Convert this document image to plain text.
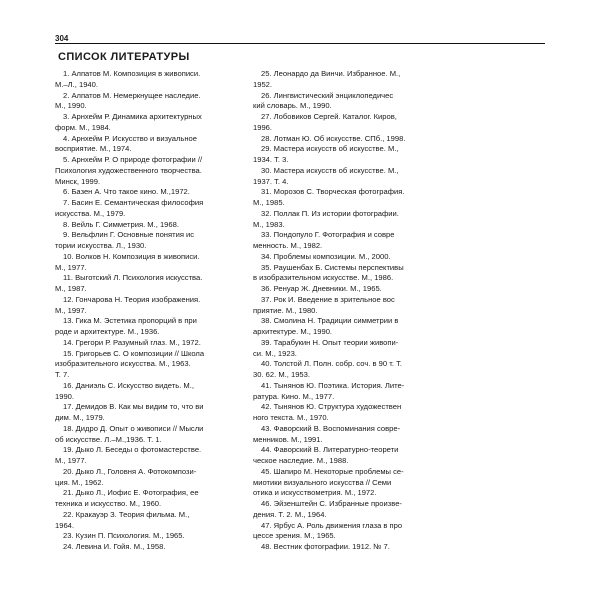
304
СПИСОК ЛИТЕРАТУРЫ
1. Алпатов М. Композиция в живописи.
М.–Л., 1940.
2. Алпатов М. Немеркнущее наследие.
М., 1990.
3. Арнхейм Р. Динамика архитектурных
форм. М., 1984.
4. Арнхейм Р. Искусство и визуальное
восприятие. М., 1974.
5. Арнхейм Р. О природе фотографии //
Психология художественного творчества.
Минск, 1999.
6. Базен А. Что такое кино. М.,1972.
7. Басин Е. Семантическая философия
искусства. М., 1979.
8. Вейль Г. Симметрия. М., 1968.
9. Вельфлин Г. Основные понятия ис
тории искусства. Л., 1930.
10. Волков Н. Композиция в живописи.
М., 1977.
11. Выготский Л. Психология искусства.
М., 1987.
12. Гончарова Н. Теория изображения.
М., 1997.
13. Гика М. Эстетика пропорций в при
роде и архитектуре. М., 1936.
14. Грегори Р. Разумный глаз. М., 1972.
15. Григорьев С. О композиции // Школа
изобразительного искусства. М., 1963.
Т. 7.
16. Даниэль С. Искусство видеть. М.,
1990.
17. Демидов В. Как мы видим то, что ви
дим. М., 1979.
18. Дидро Д. Опыт о живописи // Мысли
об искусстве. Л.–М.,1936. Т. 1.
19. Дыко Л. Беседы о фотомастерстве.
М., 1977.
20. Дыко Л., Головня А. Фотокомпози-
ция. М., 1962.
21. Дыко Л., Иофис Е. Фотография, ее
техника и искусство. М., 1960.
22. Кракауэр З. Теория фильма. М.,
1964.
23. Кузин П. Психология. М., 1965.
24. Левина И. Гойя. М., 1958.
25. Леонардо да Винчи. Избранное. М.,
1952.
26. Лингвистический энциклопедичес
кий словарь. М., 1990.
27. Лобовиков Сергей. Каталог. Киров,
1996.
28. Лотман Ю. Об искусстве. СПб., 1998.
29. Мастера искусств об искусстве. М.,
1934. Т. 3.
30. Мастера искусств об искусстве. М.,
1937. Т. 4.
31. Морозов С. Творческая фотография.
М., 1985.
32. Поллак П. Из истории фотографии.
М., 1983.
33. Пондопуло Г. Фотография и совре
менность. М., 1982.
34. Проблемы композиции. М., 2000.
35. Раушенбах Б. Системы перспективы
в изобразительном искусстве. М., 1986.
36. Ренуар Ж. Дневники. М., 1965.
37. Рок И. Введение в зрительное вос
приятие. М., 1980.
38. Смолина Н. Традиции симметрии в
архитектуре. М., 1990.
39. Тарабукин Н. Опыт теории живопи-
си. М., 1923.
40. Толстой Л. Полн. собр. соч. в 90 т. Т.
30. 62. М., 1953.
41. Тынянов Ю. Поэтика. История. Лите-
ратура. Кино. М., 1977.
42. Тынянов Ю. Структура художествен
ного текста. М., 1970.
43. Фаворский В. Воспоминания совре-
менников. М., 1991.
44. Фаворский В. Литературно-теорети
ческое наследие. М., 1988.
45. Шапиро М. Некоторые проблемы се-
миотики визуального искусства // Семи
отика и искусствометрия. М., 1972.
46. Эйзенштейн С. Избранные произве-
дения. Т. 2. М., 1964.
47. Ярбус А. Роль движения глаза в про
цессе зрения. М., 1965.
48. Вестник фотографии. 1912. № 7.
